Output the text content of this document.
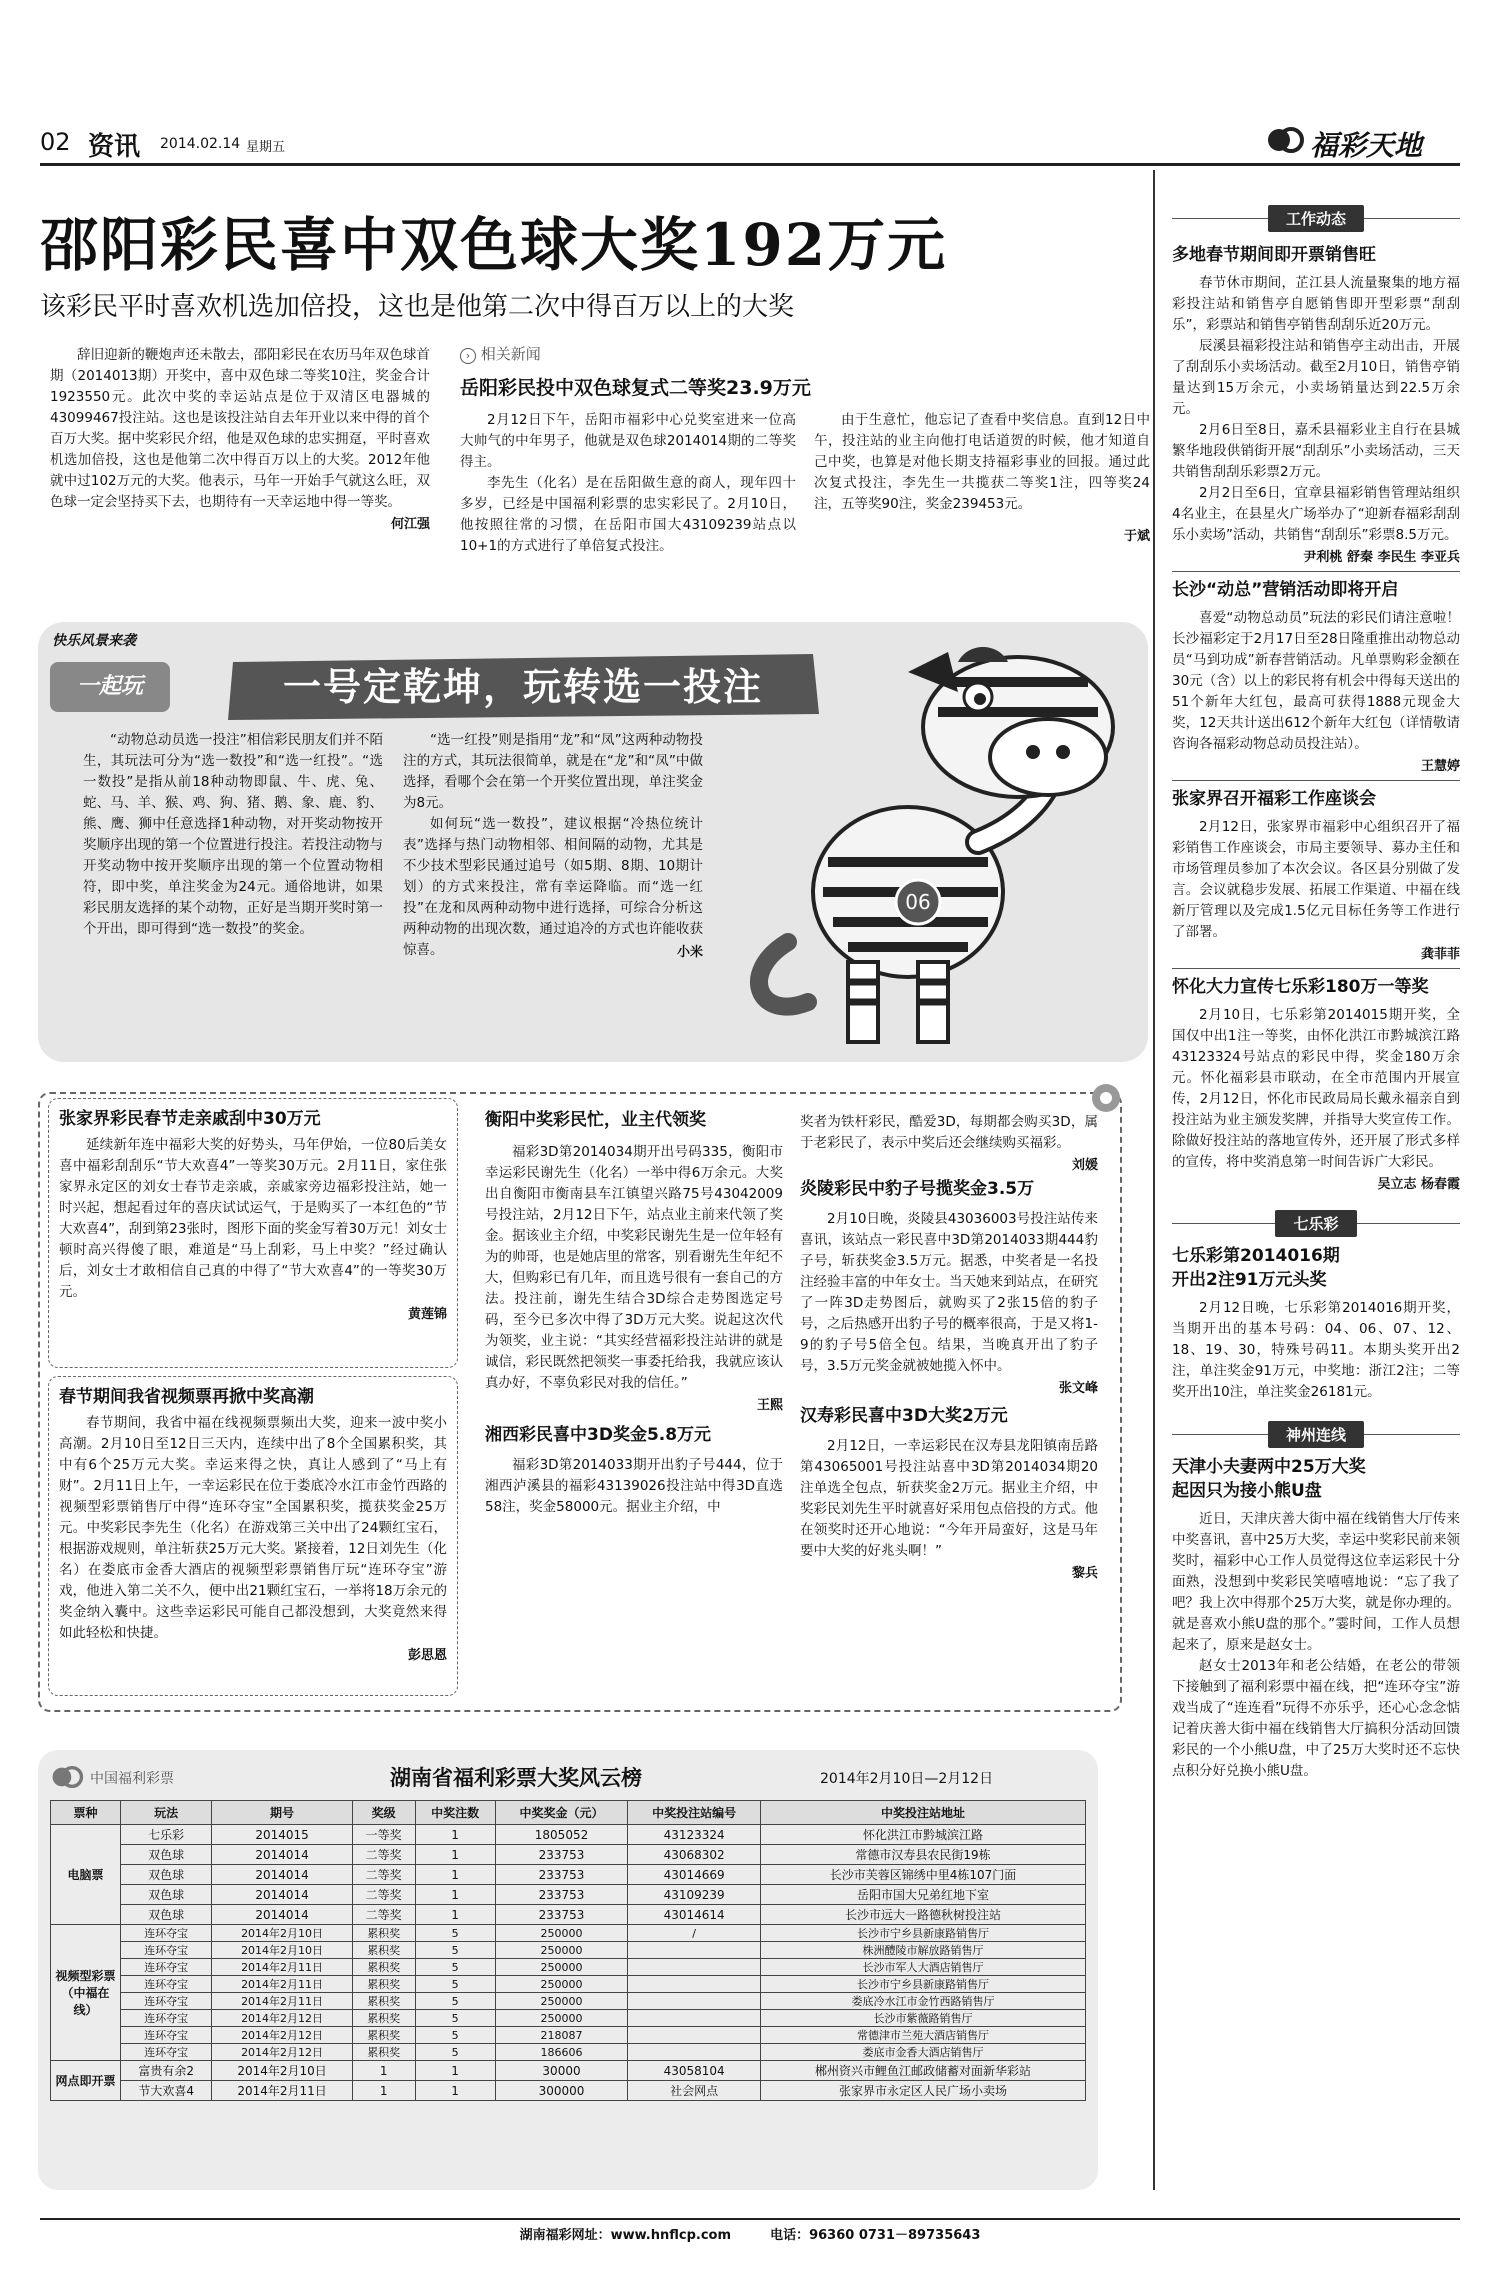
02 资讯 2014.02.14 星期五	福彩天地
邵阳彩民喜中双色球大奖192万元
该彩民平时喜欢机选加倍投，这也是他第二次中得百万以上的大奖

辞旧迎新的鞭炮声还未散去，邵阳彩民在农历马年双色球首期（2014013期）开奖中，喜中双色球二等奖10注，奖金合计1923550元。此次中奖的幸运站点是位于双清区电器城的43099467投注站。这也是该投注站自去年开业以来中得的首个百万大奖。据中奖彩民介绍，他是双色球的忠实拥趸，平时喜欢机选加倍投，这也是他第二次中得百万以上的大奖。2012年他就中过102万元的大奖。他表示，马年一开始手气就这么旺，双色球一定会坚持买下去，也期待有一天幸运地中得一等奖。

何江强
› 相关新闻
岳阳彩民投中双色球复式二等奖23.9万元

2月12日下午，岳阳市福彩中心兑奖室进来一位高大帅气的中年男子，他就是双色球2014014期的二等奖得主。

李先生（化名）是在岳阳做生意的商人，现年四十多岁，已经是中国福利彩票的忠实彩民了。2月10日，他按照往常的习惯，在岳阳市国大43109239站点以10+1的方式进行了单倍复式投注。

由于生意忙，他忘记了查看中奖信息。直到12日中午，投注站的业主向他打电话道贺的时候，他才知道自己中奖，也算是对他长期支持福彩事业的回报。通过此次复式投注，李先生一共揽获二等奖1注，四等奖24注，五等奖90注，奖金239453元。

于斌
快乐风景来袭
一起玩	一号定乾坤，玩转选一投注

“动物总动员选一投注”相信彩民朋友们并不陌生，其玩法可分为“选一数投”和“选一红投”。“选一数投”是指从前18种动物即鼠、牛、虎、兔、蛇、马、羊、猴、鸡、狗、猪、鹅、象、鹿、豹、熊、鹰、狮中任意选择1种动物，对开奖动物按开奖顺序出现的第一个位置进行投注。若投注动物与开奖动物中按开奖顺序出现的第一个位置动物相符，即中奖，单注奖金为24元。通俗地讲，如果彩民朋友选择的某个动物，正好是当期开奖时第一个开出，即可得到“选一数投”的奖金。

“选一红投”则是指用“龙”和“凤”这两种动物投注的方式，其玩法很简单，就是在“龙”和“凤”中做选择，看哪个会在第一个开奖位置出现，单注奖金为8元。

如何玩“选一数投”，建议根据“冷热位统计表”选择与热门动物相邻、相间隔的动物，尤其是不少技术型彩民通过追号（如5期、8期、10期计划）的方式来投注，常有幸运降临。而“选一红投”在龙和凤两种动物中进行选择，可综合分析这两种动物的出现次数，通过追冷的方式也许能收获惊喜。	小米
06
张家界彩民春节走亲戚刮中30万元

延续新年连中福彩大奖的好势头，马年伊始，一位80后美女喜中福彩刮刮乐“节大欢喜4”一等奖30万元。2月11日，家住张家界永定区的刘女士春节走亲戚，亲戚家旁边福彩投注站，她一时兴起，想起看过年的喜庆试试运气，于是购买了一本红色的“节大欢喜4”，刮到第23张时，图形下面的奖金写着30万元！刘女士顿时高兴得傻了眼，难道是“马上刮彩，马上中奖？”经过确认后，刘女士才敢相信自己真的中得了“节大欢喜4”的一等奖30万元。

黄莲锦
春节期间我省视频票再掀中奖高潮

春节期间，我省中福在线视频票频出大奖，迎来一波中奖小高潮。2月10日至12日三天内，连续中出了8个全国累积奖，其中有6个25万元大奖。幸运来得之快，真让人感到了“马上有财”。2月11日上午，一幸运彩民在位于娄底冷水江市金竹西路的视频型彩票销售厅中得“连环夺宝”全国累积奖，揽获奖金25万元。中奖彩民李先生（化名）在游戏第三关中出了24颗红宝石，根据游戏规则，单注斩获25万元大奖。紧接着，12日刘先生（化名）在娄底市金香大酒店的视频型彩票销售厅玩“连环夺宝”游戏，他进入第二关不久，便中出21颗红宝石，一举将18万余元的奖金纳入囊中。这些幸运彩民可能自己都没想到，大奖竟然来得如此轻松和快捷。

彭思恩
衡阳中奖彩民忙，业主代领奖

福彩3D第2014034期开出号码335，衡阳市幸运彩民谢先生（化名）一举中得6万余元。大奖出自衡阳市衡南县车江镇望兴路75号43042009号投注站，2月12日下午，站点业主前来代领了奖金。据该业主介绍，中奖彩民谢先生是一位年轻有为的帅哥，也是她店里的常客，别看谢先生年纪不大，但购彩已有几年，而且选号很有一套自己的方法。投注前，谢先生结合3D综合走势图选定号码，至今已多次中得了3D万元大奖。说起这次代为领奖，业主说：“其实经营福彩投注站讲的就是诚信，彩民既然把领奖一事委托给我，我就应该认真办好，不辜负彩民对我的信任。”

王熙
湘西彩民喜中3D奖金5.8万元

福彩3D第2014033期开出豹子号444，位于湘西泸溪县的福彩43139026投注站中得3D直选58注，奖金58000元。据业主介绍，中

奖者为铁杆彩民，酷爱3D，每期都会购买3D，属于老彩民了，表示中奖后还会继续购买福彩。

刘媛
炎陵彩民中豹子号揽奖金3.5万

2月10日晚，炎陵县43036003号投注站传来喜讯，该站点一彩民喜中3D第2014033期444豹子号，斩获奖金3.5万元。据悉，中奖者是一名投注经验丰富的中年女士。当天她来到站点，在研究了一阵3D走势图后，就购买了2张15倍的豹子号，之后热感开出豹子号的概率很高，于是又将1-9的豹子号5倍全包。结果，当晚真开出了豹子号，3.5万元奖金就被她揽入怀中。

张文峰
汉寿彩民喜中3D大奖2万元

2月12日，一幸运彩民在汉寿县龙阳镇南岳路第43065001号投注站喜中3D第2014034期20注单选全包点，斩获奖金2万元。据业主介绍，中奖彩民刘先生平时就喜好采用包点倍投的方式。他在领奖时还开心地说：“今年开局蛮好，这是马年要中大奖的好兆头啊！”

黎兵
中国福利彩票	湖南省福利彩票大奖风云榜	2014年2月10日—2月12日
票种	玩法	期号	奖级	中奖注数	中奖奖金（元）	中奖投注站编号	中奖投注站地址
电脑票	七乐彩	2014015	一等奖	1	1805052	43123324	怀化洪江市黔城滨江路
	双色球	2014014	二等奖	1	233753	43068302	常德市汉寿县农民街19栋
	双色球	2014014	二等奖	1	233753	43014669	长沙市芙蓉区锦绣中里4栋107门面
	双色球	2014014	二等奖	1	233753	43109239	岳阳市国大兄弟红地下室
	双色球	2014014	二等奖	1	233753	43014614	长沙市远大一路德秋树投注站
视频型彩票（中福在线）	连环夺宝	2014年2月10日	累积奖	5	250000	/	长沙市宁乡县新康路销售厅
	连环夺宝	2014年2月10日	累积奖	5	250000		株洲醴陵市解放路销售厅
	连环夺宝	2014年2月11日	累积奖	5	250000		长沙市军人大酒店销售厅
	连环夺宝	2014年2月11日	累积奖	5	250000		长沙市宁乡县新康路销售厅
	连环夺宝	2014年2月11日	累积奖	5	250000		娄底冷水江市金竹西路销售厅
	连环夺宝	2014年2月12日	累积奖	5	250000		长沙市紫薇路销售厅
	连环夺宝	2014年2月12日	累积奖	5	218087		常德津市兰苑大酒店销售厅
	连环夺宝	2014年2月12日	累积奖	5	186606		娄底市金香大酒店销售厅
网点即开票	富贵有余2	2014年2月10日	1	1	30000	43058104	郴州资兴市鲤鱼江邮政储蓄对面新华彩站
	节大欢喜4	2014年2月11日	1	1	300000	社会网点	张家界市永定区人民广场小卖场
工作动态
多地春节期间即开票销售旺

春节休市期间，芷江县人流量聚集的地方福彩投注站和销售亭自愿销售即开型彩票“刮刮乐”，彩票站和销售亭销售刮刮乐近20万元。

辰溪县福彩投注站和销售亭主动出击，开展了刮刮乐小卖场活动。截至2月10日，销售亭销量达到15万余元，小卖场销量达到22.5万余元。

2月6日至8日，嘉禾县福彩业主自行在县城繁华地段供销街开展“刮刮乐”小卖场活动，三天共销售刮刮乐彩票2万元。

2月2日至6日，宜章县福彩销售管理站组织4名业主，在县星火广场举办了“迎新春福彩刮刮乐小卖场”活动，共销售“刮刮乐”彩票8.5万元。

尹利桃 舒秦 李民生 李亚兵
长沙“动总”营销活动即将开启

喜爱“动物总动员”玩法的彩民们请注意啦！长沙福彩定于2月17日至28日隆重推出动物总动员“马到功成”新春营销活动。凡单票购彩金额在30元（含）以上的彩民将有机会中得每天送出的51个新年大红包，最高可获得1888元现金大奖，12天共计送出612个新年大红包（详情敬请咨询各福彩动物总动员投注站）。

王慧婷
张家界召开福彩工作座谈会

2月12日，张家界市福彩中心组织召开了福彩销售工作座谈会，市局主要领导、募办主任和市场管理员参加了本次会议。各区县分别做了发言。会议就稳步发展、拓展工作渠道、中福在线新厅管理以及完成1.5亿元目标任务等工作进行了部署。

龚菲菲
怀化大力宣传七乐彩180万一等奖

2月10日，七乐彩第2014015期开奖，全国仅中出1注一等奖，由怀化洪江市黔城滨江路43123324号站点的彩民中得，奖金180万余元。怀化福彩县市联动，在全市范围内开展宣传，2月12日，怀化市民政局局长戴永福亲自到投注站为业主颁发奖牌，并指导大奖宣传工作。除做好投注站的落地宣传外，还开展了形式多样的宣传，将中奖消息第一时间告诉广大彩民。

吴立志 杨春霞
七乐彩
七乐彩第2014016期
开出2注91万元头奖

2月12日晚，七乐彩第2014016期开奖，当期开出的基本号码：04、06、07、12、18、19、30，特殊号码11。本期头奖开出2注，单注奖金91万元，中奖地：浙江2注；二等奖开出10注，单注奖金26181元。

神州连线
天津小夫妻两中25万大奖
起因只为接小熊U盘

近日，天津庆善大街中福在线销售大厅传来中奖喜讯，喜中25万大奖，幸运中奖彩民前来领奖时，福彩中心工作人员觉得这位幸运彩民十分面熟，没想到中奖彩民笑嘻嘻地说：“忘了我了吧？我上次中得那个25万大奖，就是你办理的。就是喜欢小熊U盘的那个。”霎时间，工作人员想起来了，原来是赵女士。

赵女士2013年和老公结婚，在老公的带领下接触到了福利彩票中福在线，把“连环夺宝”游戏当成了“连连看”玩得不亦乐乎，还心心念念惦记着庆善大街中福在线销售大厅搞积分活动回馈彩民的一个小熊U盘，中了25万大奖时还不忘快点积分好兑换小熊U盘。

湖南福彩网址：www.hnflcp.com	电话：96360 0731－89735643
